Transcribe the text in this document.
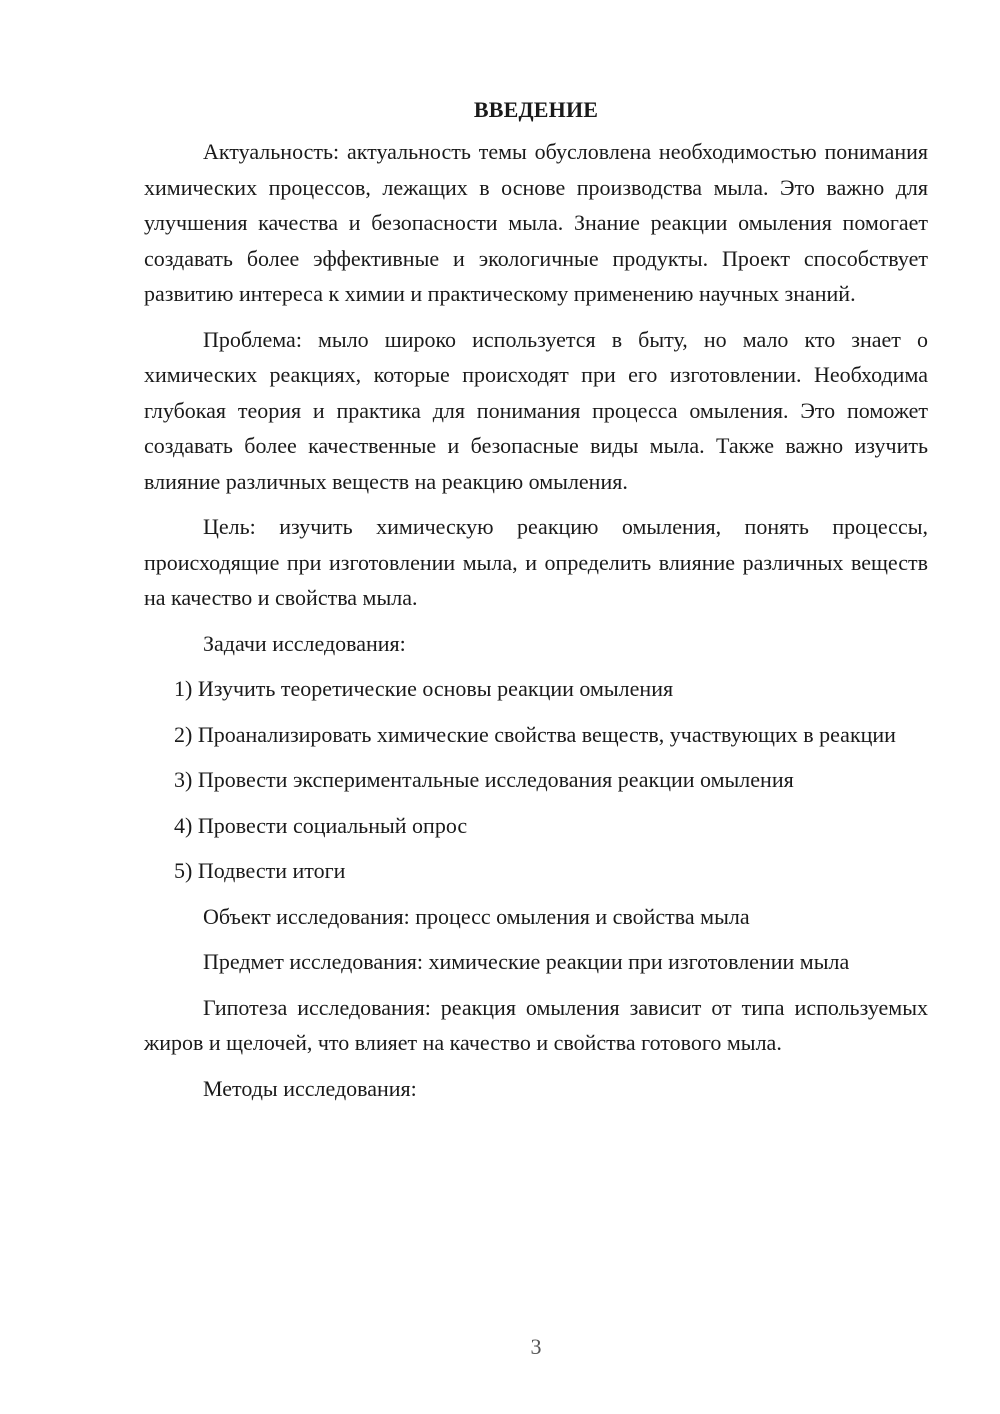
ВВЕДЕНИЕ

Актуальность: актуальность темы обусловлена необходимостью понимания химических процессов, лежащих в основе производства мыла. Это важно для улучшения качества и безопасности мыла. Знание реакции омыления помогает создавать более эффективные и экологичные продукты. Проект способствует развитию интереса к химии и практическому применению научных знаний.

Проблема: мыло широко используется в быту, но мало кто знает о химических реакциях, которые происходят при его изготовлении. Необходима глубокая теория и практика для понимания процесса омыления. Это поможет создавать более качественные и безопасные виды мыла. Также важно изучить влияние различных веществ на реакцию омыления.

Цель: изучить химическую реакцию омыления, понять процессы, происходящие при изготовлении мыла, и определить влияние различных веществ на качество и свойства мыла.

Задачи исследования:

1) Изучить теоретические основы реакции омыления

2) Проанализировать химические свойства веществ, участвующих в реакции

3) Провести экспериментальные исследования реакции омыления

4) Провести социальный опрос

5) Подвести итоги

Объект исследования: процесс омыления и свойства мыла

Предмет исследования: химические реакции при изготовлении мыла

Гипотеза исследования: реакция омыления зависит от типа используемых жиров и щелочей, что влияет на качество и свойства готового мыла.

Методы исследования:

3
